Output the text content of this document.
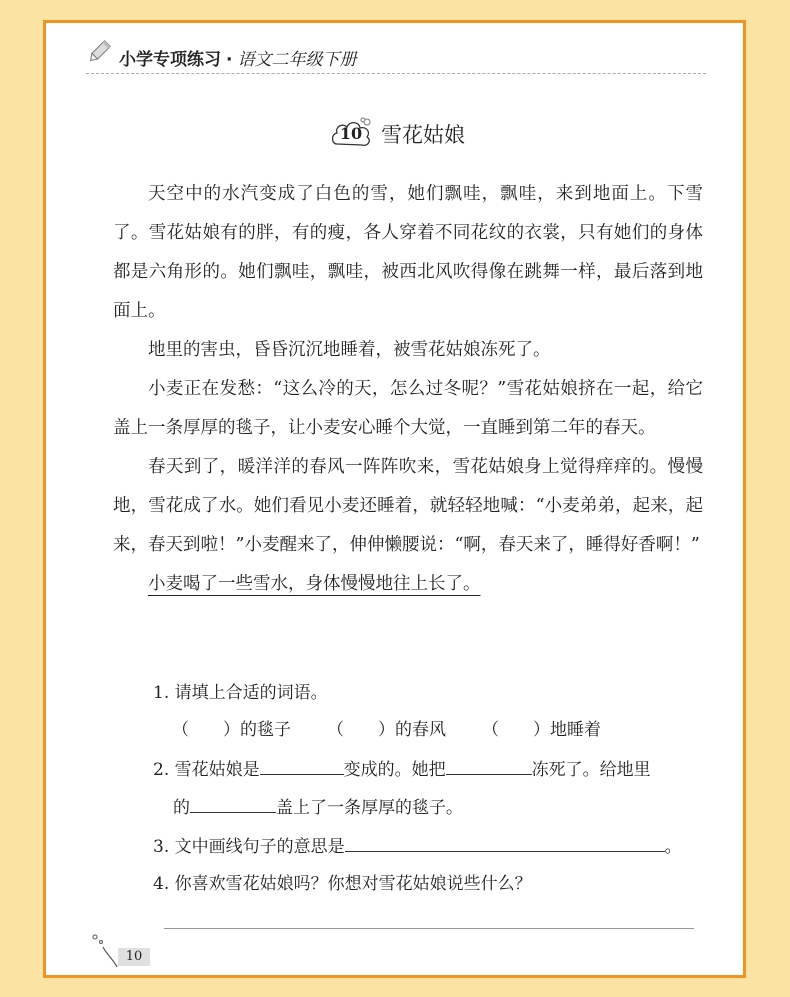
小学专项练习 · 语文二年级下册
10 雪花姑娘

天空中的水汽变成了白色的雪，她们飘哇，飘哇，来到地面上。下雪了。雪花姑娘有的胖，有的瘦，各人穿着不同花纹的衣裳，只有她们的身体都是六角形的。她们飘哇，飘哇，被西北风吹得像在跳舞一样，最后落到地面上。

地里的害虫，昏昏沉沉地睡着，被雪花姑娘冻死了。

小麦正在发愁：“这么冷的天，怎么过冬呢？”雪花姑娘挤在一起，给它盖上一条厚厚的毯子，让小麦安心睡个大觉，一直睡到第二年的春天。

春天到了，暖洋洋的春风一阵阵吹来，雪花姑娘身上觉得痒痒的。慢慢地，雪花成了水。她们看见小麦还睡着，就轻轻地喊：“小麦弟弟，起来，起来，春天到啦！”小麦醒来了，伸伸懒腰说：“啊，春天来了，睡得好香啊！”

小麦喝了一些雪水，身体慢慢地往上长了。

1. 请填上合适的词语。
（　　）的毯子 （　　）的春风 （　　）地睡着
2. 雪花姑娘是	变成的。她把	冻死了。给地里
的	盖上了一条厚厚的毯子。
3. 文中画线句子的意思是	。
4. 你喜欢雪花姑娘吗？你想对雪花姑娘说些什么？
10
